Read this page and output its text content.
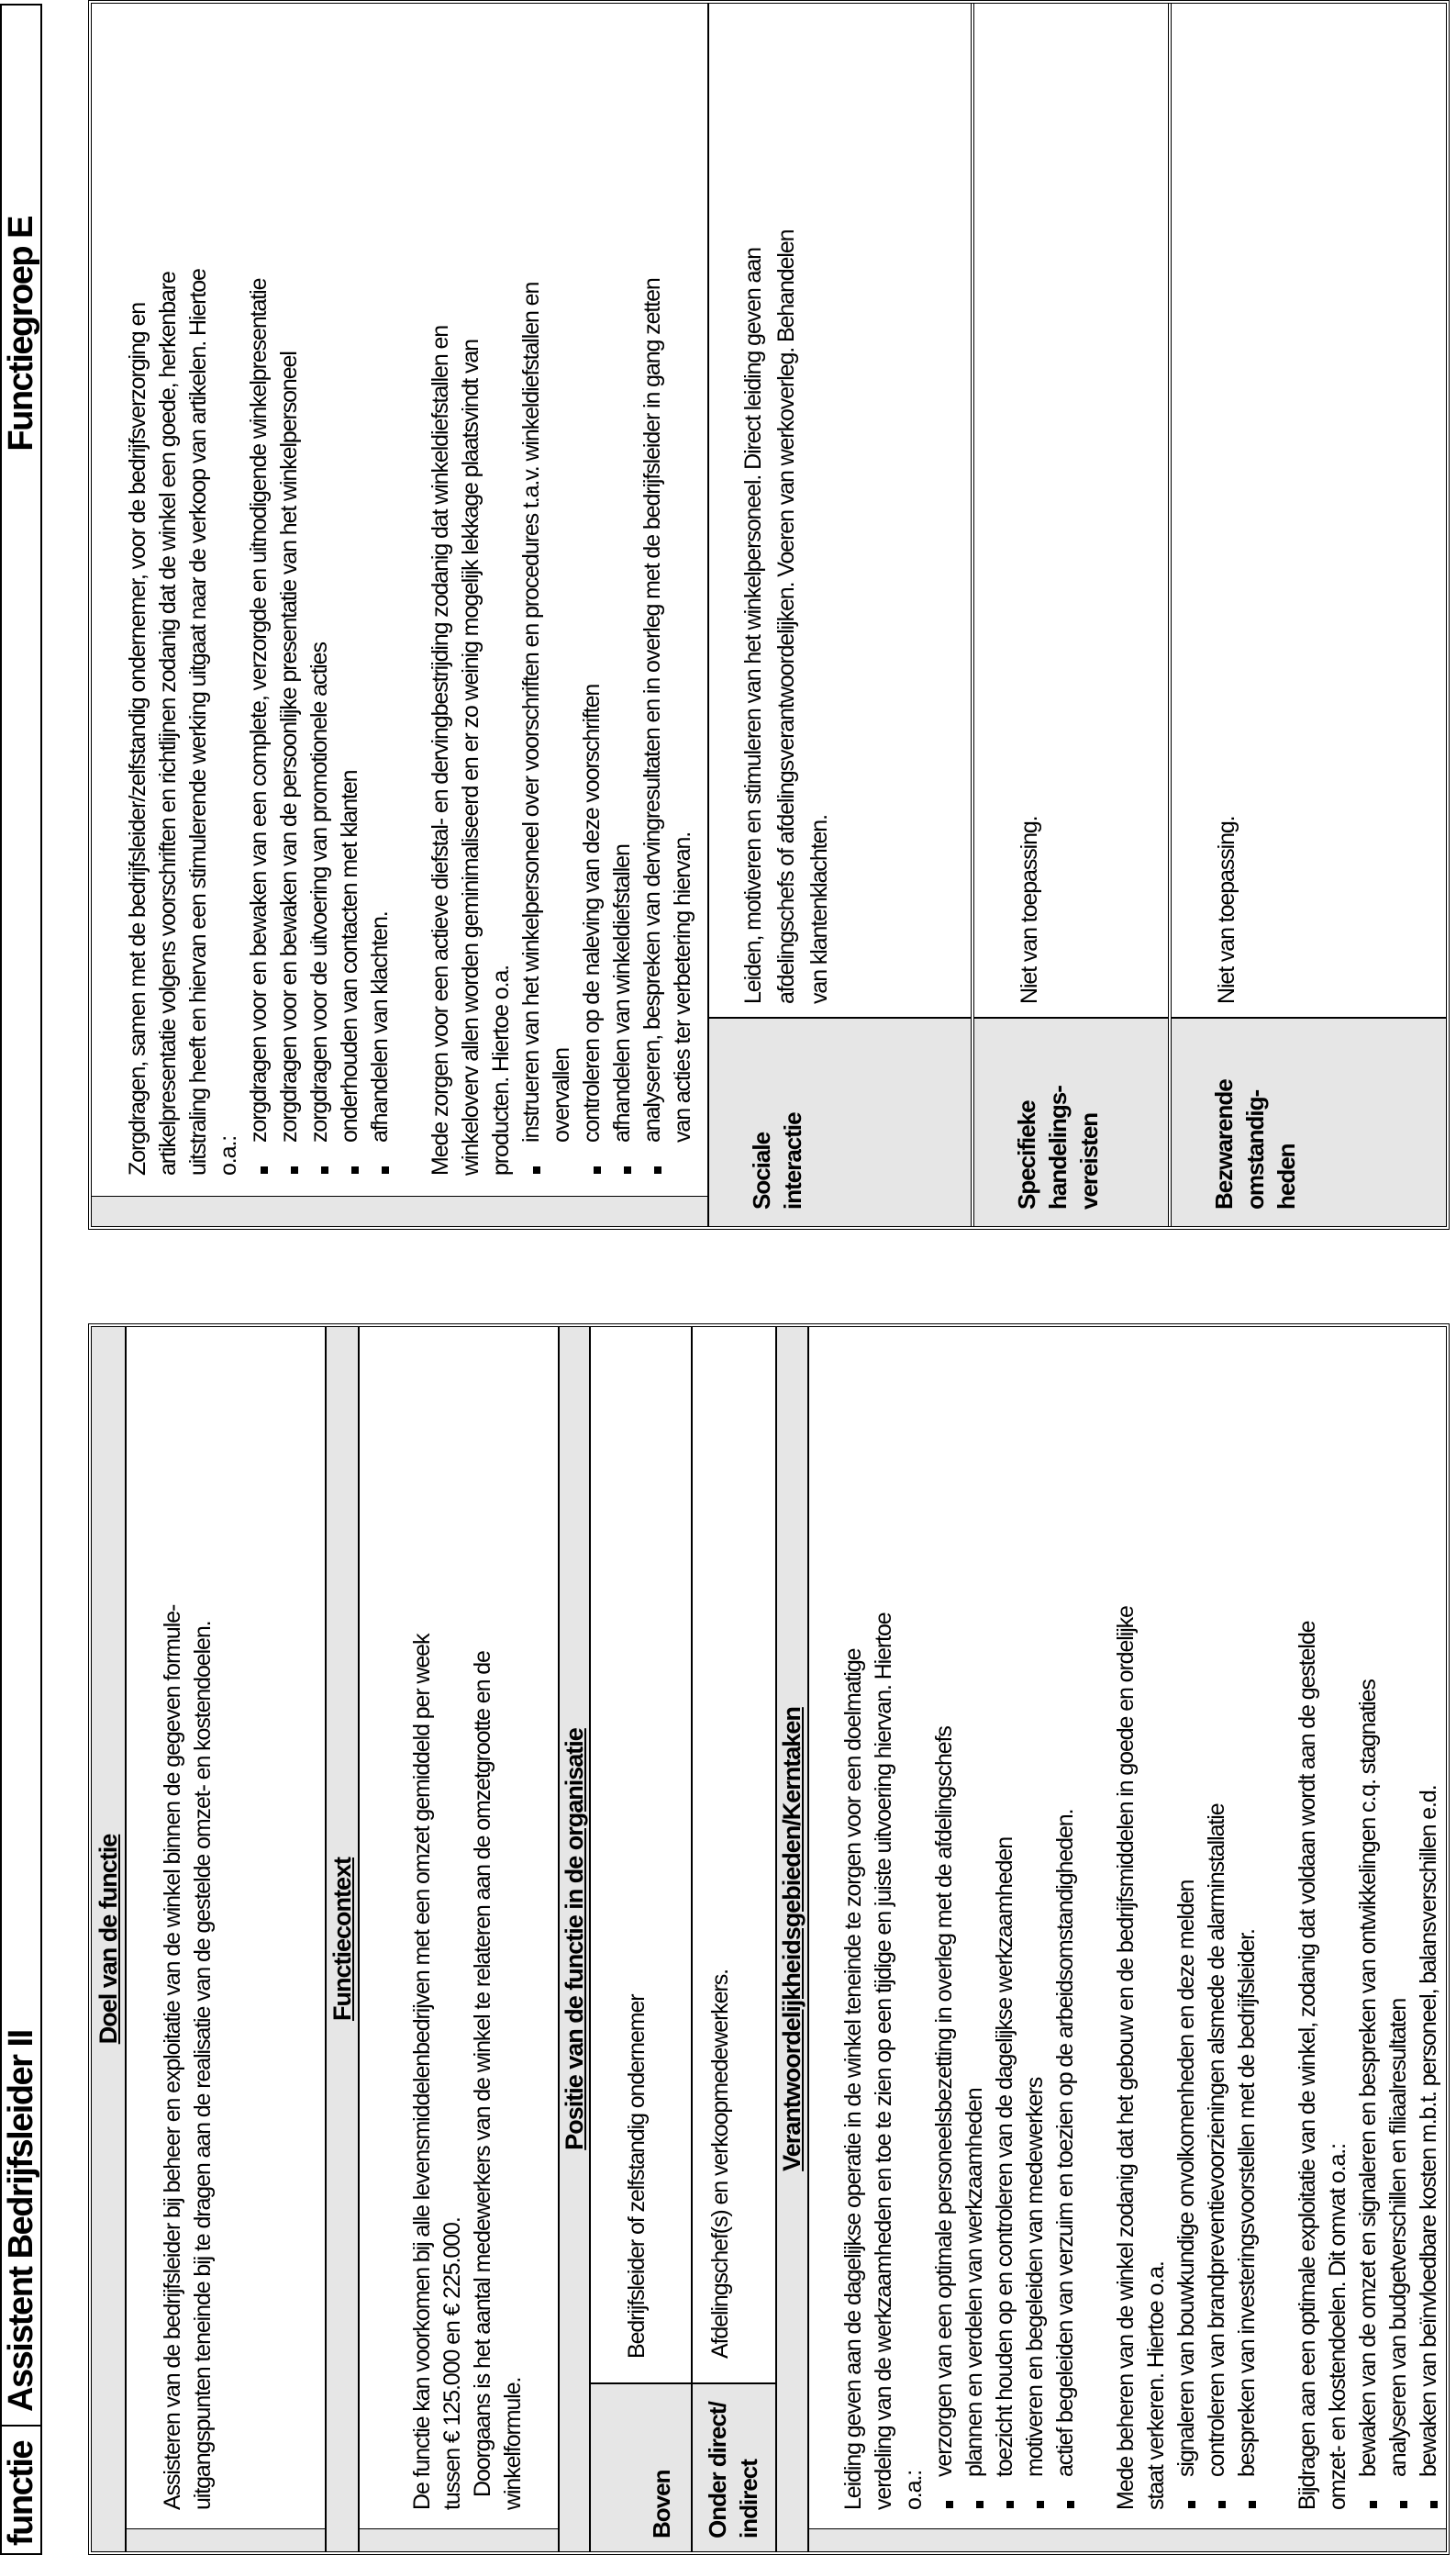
functie
Assistent Bedrijfsleider II
Functiegroep E
Doel van de functie Assisteren van de bedrijfsleider bij beheer en exploitatie van de winkel binnen de gegeven formule- uitgangspunten teneinde bij te dragen aan de realisatie van de gestelde omzet- en kostendoelen.	Functiecontext De functie kan voorkomen bij alle levensmiddelenbedrijven met een omzet gemiddeld per week tussen € 125.000 en € 225.000. Doorgaans is het aantal medewerkers van de winkel te relateren aan de omzetgrootte en de winkelformule.
Positie van de functie in de organisatie
Boven
Bedrijfsleider of zelfstandig ondernemer
Onder direct/
indirect
Afdelingschef(s) en verkoopmedewerkers. Verantwoordelijkheidsgebieden/Kerntaken Leiding geven aan de dagelijkse operatie in de winkel teneinde te zorgen voor een doelmatige verdeling van de werkzaamheden en toe te zien op een tijdige en juiste uitvoering hiervan. Hiertoe o.a.:
verzorgen van een optimale personeelsbezetting in overleg met de afdelingschefs plannen en verdelen van werkzaamheden toezicht houden op en controleren van de dagelijkse werkzaamheden motiveren en begeleiden van medewerkers actief begeleiden van verzuim en toezien op de arbeidsomstandigheden. Mede beheren van de winkel zodanig dat het gebouw en de bedrijfsmiddelen in goede en ordelijke staat verkeren. Hiertoe o.a. signaleren van bouwkundige onvolkomenheden en deze melden controleren van brandpreventievoorzieningen alsmede de alarminstallatie bespreken van investeringsvoorstellen met de bedrijfsleider. Bijdragen aan een optimale exploitatie van de winkel, zodanig dat voldaan wordt aan de gestelde omzet- en kostendoelen. Dit omvat o.a.: bewaken van de omzet en signaleren en bespreken van ontwikkelingen c.q. stagnaties analyseren van budgetverschillen en filiaalresultaten bewaken van beïnvloedbare kosten m.b.t. personeel, balansverschillen e.d.
Zorgdragen, samen met de bedrijfsleider/zelfstandig ondernemer, voor de bedrijfsverzorging en artikelpresentatie volgens voorschriften en richtlijnen zodanig dat de winkel een goede, herkenbare uitstraling heeft en hiervan een stimulerende werking uitgaat naar de verkoop van artikelen. Hiertoe o.a.:
zorgdragen voor en bewaken van een complete, verzorgde en uitnodigende winkelpresentatie zorgdragen voor en bewaken van de persoonlijke presentatie van het winkelpersoneel zorgdragen voor de uitvoering van promotionele acties onderhouden van contacten met klanten afhandelen van klachten. Mede zorgen voor een actieve diefstal- en dervingbestrijding zodanig dat winkeldiefstallen en winkeloverv allen worden geminimaliseerd en er zo weinig mogelijk lekkage plaatsvindt van producten. Hiertoe o.a. instrueren van het winkelpersoneel over voorschriften en procedures t.a.v. winkeldiefstallen en overvallen controleren op de naleving van deze voorschriften afhandelen van winkeldiefstallen analyseren, bespreken van dervingresultaten en in overleg met de bedrijfsleider in gang zetten van acties ter verbetering hiervan.
Sociale
interactie
Leiden, motiveren en stimuleren van het winkelpersoneel. Direct leiding geven aan afdelingschefs of afdelingsverantwoordelijken. Voeren van werkoverleg. Behandelen van klantenklachten.
Specifieke
handelings-
vereisten
Niet van toepassing.
Bezwarende
omstandig-
heden
Niet van toepassing.
